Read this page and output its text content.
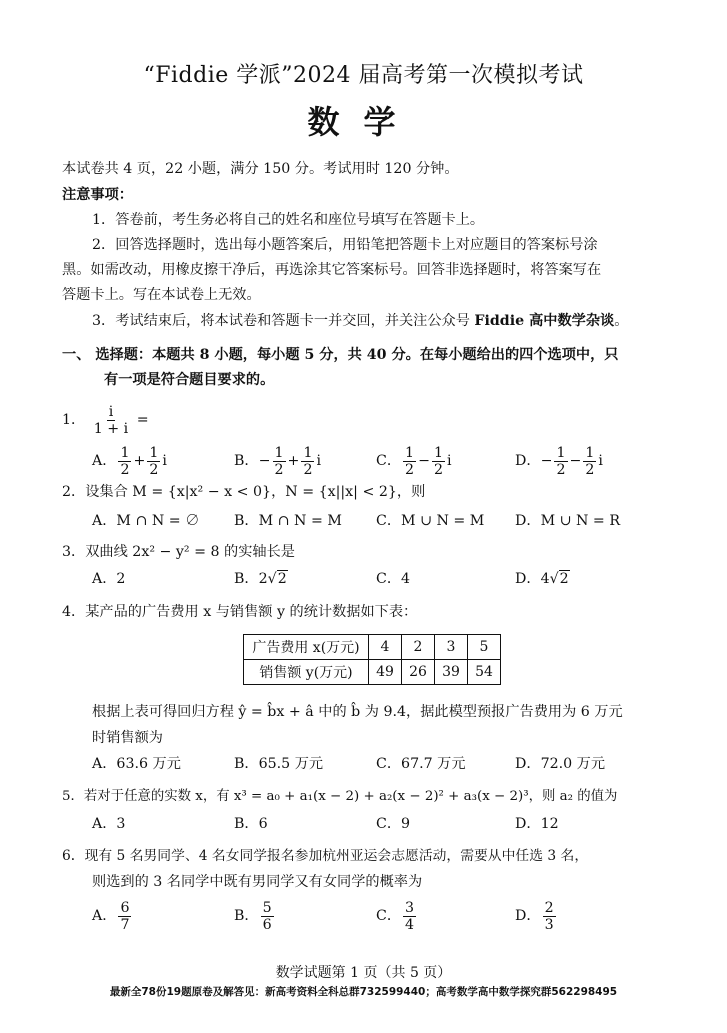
“Fiddie 学派”2024 届高考第一次模拟考试
数学
本试卷共 4 页，22 小题，满分 150 分。考试用时 120 分钟。
注意事项：
1．答卷前，考生务必将自己的姓名和座位号填写在答题卡上。
2．回答选择题时，选出每小题答案后，用铅笔把答题卡上对应题目的答案标号涂
黑。如需改动，用橡皮擦干净后，再选涂其它答案标号。回答非选择题时，将答案写在
答题卡上。写在本试卷上无效。
3．考试结束后，将本试卷和答题卡一并交回，并关注公众号 Fiddie 高中数学杂谈。
一、 选择题：本题共 8 小题，每小题 5 分，共 40 分。在每小题给出的四个选项中，只
有一项是符合题目要求的。
1． $\frac{i}{1 + i}$ =
A． $\frac{1}{2} + \frac{1}{2}$ i	B．− $\frac{1}{2} + \frac{1}{2}$ i	C． $\frac{1}{2} - \frac{1}{2}$ i	D．− $\frac{1}{2} - \frac{1}{2}$ i
2．设集合 M = {x|x² − x < 0}，N = {x||x| < 2}，则
A．M ∩ N = ∅ B．M ∩ N = M C．M ∪ N = M D．M ∪ N = R
3．双曲线 2x² − y² = 8 的实轴长是
A．2	B．2√2	C．4	D．4√2
4．某产品的广告费用 x 与销售额 y 的统计数据如下表：
广告费用 x(万元)	4	2	3	5
销售额 y(万元)	49	26	39	54
根据上表可得回归方程 ŷ = b̂x + â 中的 b̂ 为 9.4，据此模型预报广告费用为 6 万元
时销售额为
A．63.6 万元	B．65.5 万元	C．67.7 万元	D．72.0 万元
5．若对于任意的实数 x，有 x³ = a₀ + a₁(x − 2) + a₂(x − 2)² + a₃(x − 2)³，则 a₂ 的值为
A．3	B．6	C．9	D．12
6．现有 5 名男同学、4 名女同学报名参加杭州亚运会志愿活动，需要从中任选 3 名，
则选到的 3 名同学中既有男同学又有女同学的概率为
A． $\frac{6}{7}$	B． $\frac{5}{6}$	C． $\frac{3}{4}$	D． $\frac{2}{3}$
数学试题第 1 页（共 5 页）
最新全78份19题原卷及解答见：新高考资料全科总群732599440；高考数学高中数学探究群562298495
